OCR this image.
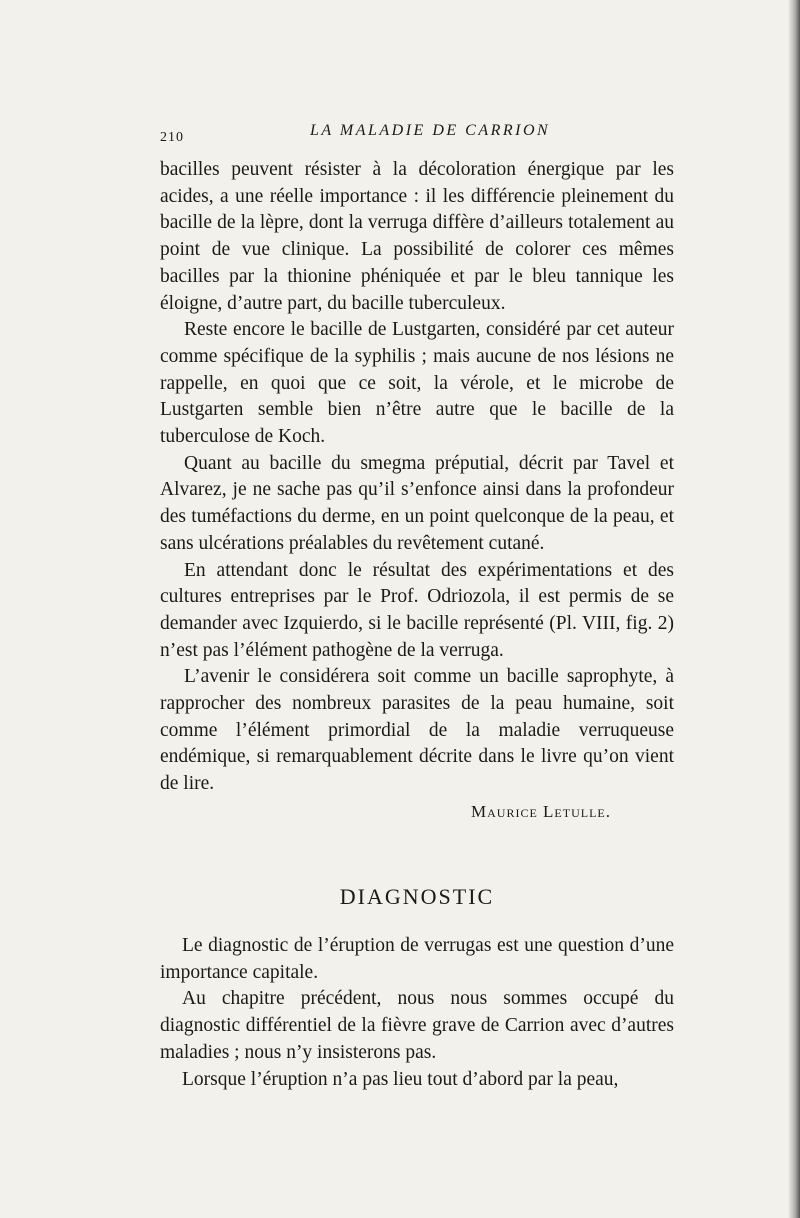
210	LA MALADIE DE CARRION

bacilles peuvent résister à la décoloration énergique par les acides, a une réelle importance : il les différencie pleinement du bacille de la lèpre, dont la verruga diffère d’ailleurs totalement au point de vue clinique. La possibilité de colorer ces mêmes bacilles par la thionine phéniquée et par le bleu tannique les éloigne, d’autre part, du bacille tuberculeux.

Reste encore le bacille de Lustgarten, considéré par cet auteur comme spécifique de la syphilis ; mais aucune de nos lésions ne rappelle, en quoi que ce soit, la vérole, et le microbe de Lustgarten semble bien n’être autre que le bacille de la tuberculose de Koch.

Quant au bacille du smegma préputial, décrit par Tavel et Alvarez, je ne sache pas qu’il s’enfonce ainsi dans la profondeur des tuméfactions du derme, en un point quelconque de la peau, et sans ulcérations préalables du revêtement cutané.

En attendant donc le résultat des expérimentations et des cultures entreprises par le Prof. Odriozola, il est permis de se demander avec Izquierdo, si le bacille représenté (Pl. VIII, fig. 2) n’est pas l’élément pathogène de la verruga.

L’avenir le considérera soit comme un bacille saprophyte, à rapprocher des nombreux parasites de la peau humaine, soit comme l’élément primordial de la maladie verruqueuse endémique, si remarquablement décrite dans le livre qu’on vient de lire.

Maurice Letulle.
DIAGNOSTIC

Le diagnostic de l’éruption de verrugas est une question d’une importance capitale.

Au chapitre précédent, nous nous sommes occupé du diagnostic différentiel de la fièvre grave de Carrion avec d’autres maladies ; nous n’y insisterons pas.

Lorsque l’éruption n’a pas lieu tout d’abord par la peau,
